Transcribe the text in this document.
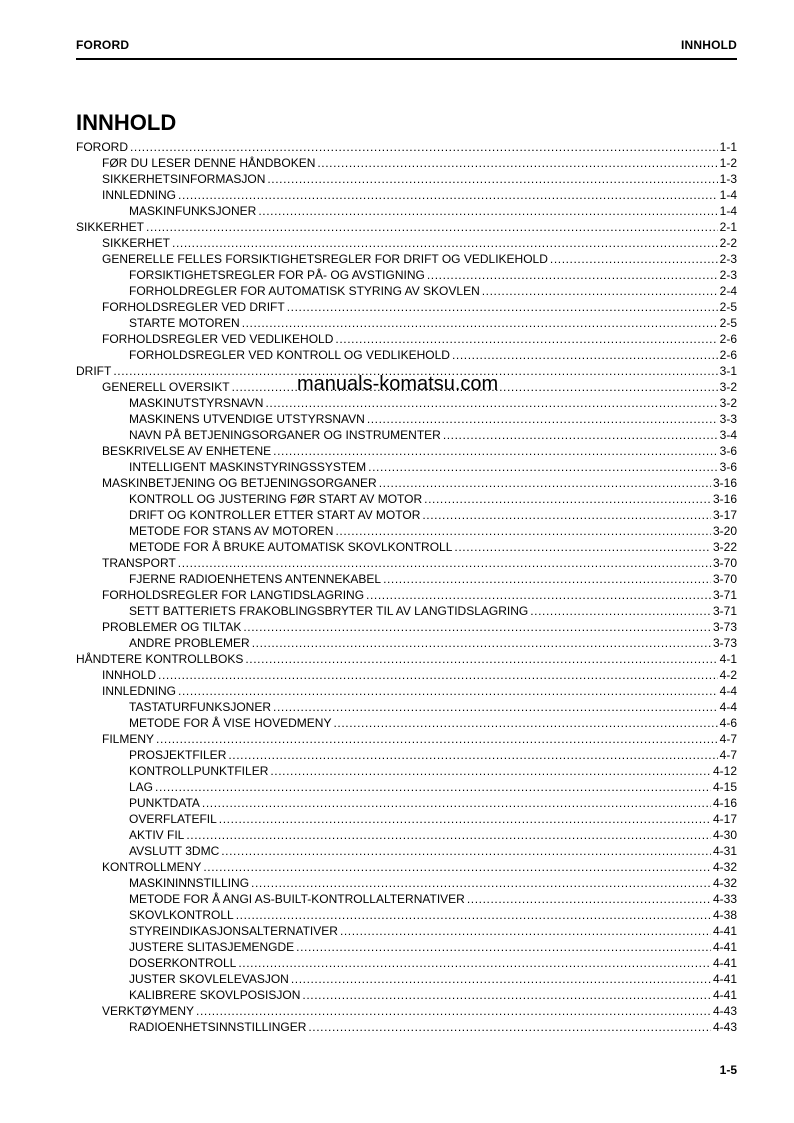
FORORD	INNHOLD
INNHOLD
FORORD .....	1-1
FØR DU LESER DENNE HÅNDBOKEN .....	1-2
SIKKERHETSINFORMASJON .....	1-3
INNLEDNING .....	1-4
MASKINFUNKSJONER .....	1-4
SIKKERHET .....	2-1
SIKKERHET .....	2-2
GENERELLE FELLES FORSIKTIGHETSREGLER FOR DRIFT OG VEDLIKEHOLD .....	2-3
FORSIKTIGHETSREGLER FOR PÅ- OG AVSTIGNING .....	2-3
FORHOLDREGLER FOR AUTOMATISK STYRING AV SKOVLEN .....	2-4
FORHOLDSREGLER VED DRIFT .....	2-5
STARTE MOTOREN .....	2-5
FORHOLDSREGLER VED VEDLIKEHOLD .....	2-6
FORHOLDSREGLER VED KONTROLL OG VEDLIKEHOLD .....	2-6
DRIFT .....	3-1
GENERELL OVERSIKT .....	3-2
MASKINUTSTYRSNAVN .....	3-2
MASKINENS UTVENDIGE UTSTYRSNAVN .....	3-3
NAVN PÅ BETJENINGSORGANER OG INSTRUMENTER .....	3-4
BESKRIVELSE AV ENHETENE .....	3-6
INTELLIGENT MASKINSTYRINGSSYSTEM .....	3-6
MASKINBETJENING OG BETJENINGSORGANER .....	3-16
KONTROLL OG JUSTERING FØR START AV MOTOR .....	3-16
DRIFT OG KONTROLLER ETTER START AV MOTOR .....	3-17
METODE FOR STANS AV MOTOREN .....	3-20
METODE FOR Å BRUKE AUTOMATISK SKOVLKONTROLL .....	3-22
TRANSPORT .....	3-70
FJERNE RADIOENHETENS ANTENNEKABEL .....	3-70
FORHOLDSREGLER FOR LANGTIDSLAGRING .....	3-71
SETT BATTERIETS FRAKOBLINGSBRYTER TIL AV LANGTIDSLAGRING .....	3-71
PROBLEMER OG TILTAK .....	3-73
ANDRE PROBLEMER .....	3-73
HÅNDTERE KONTROLLBOKS .....	4-1
INNHOLD .....	4-2
INNLEDNING .....	4-4
TASTATURFUNKSJONER .....	4-4
METODE FOR Å VISE HOVEDMENY .....	4-6
FILMENY .....	4-7
PROSJEKTFILER .....	4-7
KONTROLLPUNKTFILER .....	4-12
LAG .....	4-15
PUNKTDATA .....	4-16
OVERFLATEFIL .....	4-17
AKTIV FIL .....	4-30
AVSLUTT 3DMC .....	4-31
KONTROLLMENY .....	4-32
MASKININNSTILLING .....	4-32
METODE FOR Å ANGI AS-BUILT-KONTROLLALTERNATIVER .....	4-33
SKOVLKONTROLL .....	4-38
STYREINDIKASJONSALTERNATIVER .....	4-41
JUSTERE SLITASJEMENGDE .....	4-41
DOSERKONTROLL .....	4-41
JUSTER SKOVLELEVASJON .....	4-41
KALIBRERE SKOVLPOSISJON .....	4-41
VERKTØYMENY .....	4-43
RADIOENHETSINNSTILLINGER .....	4-43
manuals-komatsu.com
1-5
